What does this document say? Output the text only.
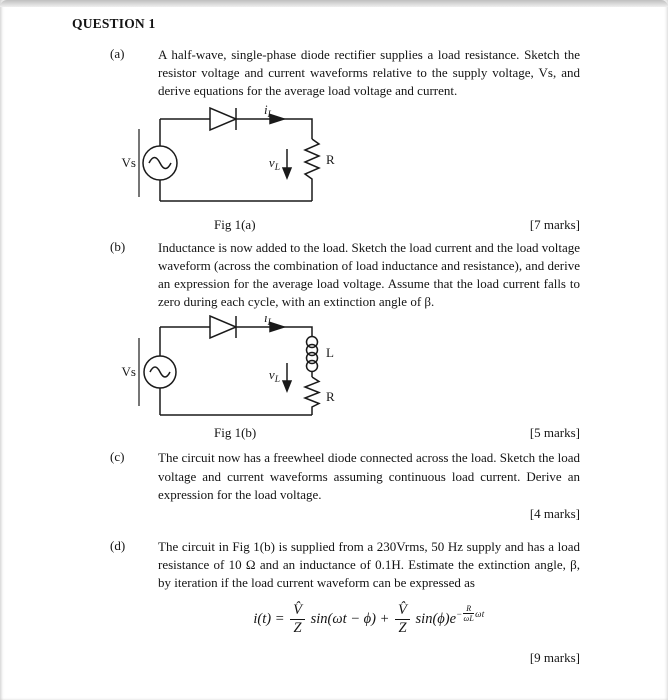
QUESTION 1
(a)	A half-wave, single-phase diode rectifier supplies a load resistance. Sketch the resistor voltage and current waveforms relative to the supply voltage, Vs, and derive equations for the average load voltage and current.
Vs
$i_L$
$v_L$
R
Fig 1(a)	[7 marks]
(b)	Inductance is now added to the load. Sketch the load current and the load voltage waveform (across the combination of load inductance and resistance), and derive an expression for the average load voltage. Assume that the load current falls to zero during each cycle, with an extinction angle of β.
Vs
$i_L$
$v_L$
L
R
Fig 1(b)	[5 marks]
(c)	The circuit now has a freewheel diode connected across the load. Sketch the load voltage and current waveforms assuming continuous load current. Derive an expression for the load voltage.
[4 marks]
(d)	The circuit in Fig 1(b) is supplied from a 230Vrms, 50 Hz supply and has a load resistance of 10 Ω and an inductance of 0.1H. Estimate the extinction angle, β, by iteration if the load current waveform can be expressed as
$i(t) = \frac{V̂}{Z} \sin(\omega t - \phi) + \frac{V̂}{Z} \sin(\phi)e^{- \frac{R}{\omega L} \omega t}$
[9 marks]
